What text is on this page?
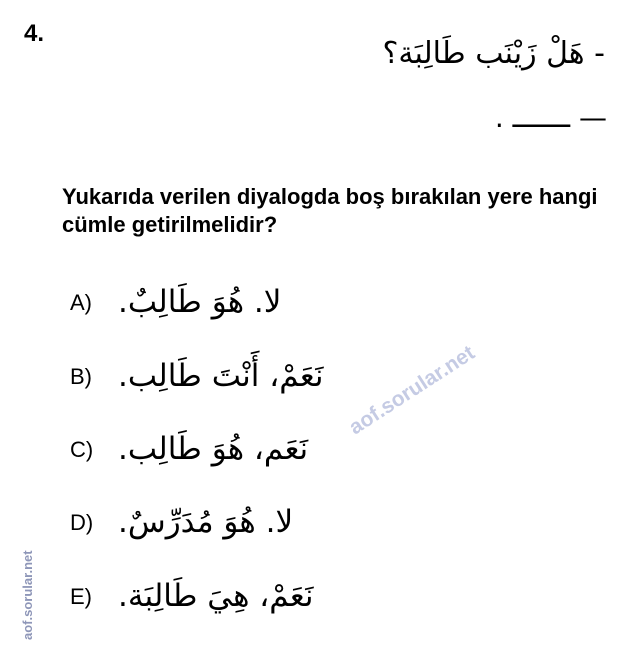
4.
- هَلْ زَيْنَب طَالِبَة؟
— ـــــــ .
Yukarıda verilen diyalogda boş bırakılan yere hangi cümle getirilmelidir?
A) لا. هُوَ طَالِبٌ.
B) نَعَمْ، أَنْتَ طَالِب.
C) نَعَم، هُوَ طَالِب.
D) لا. هُوَ مُدَرِّسٌ.
E) نَعَمْ، هِيَ طَالِبَة.
aof.sorular.net
aof.sorular.net
